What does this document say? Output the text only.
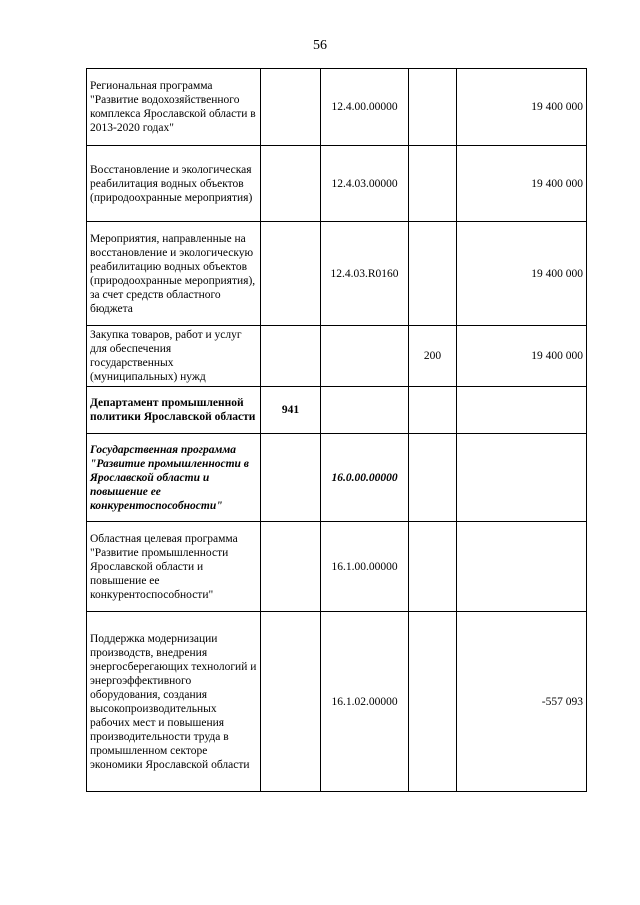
56
Региональная программа "Развитие водохозяйственного комплекса Ярославской области в 2013-2020 годах"		12.4.00.00000		19 400 000
Восстановление и экологическая реабилитация водных объектов (природоохранные мероприятия)		12.4.03.00000		19 400 000
Мероприятия, направленные на восстановление и экологическую реабилитацию водных объектов (природоохранные мероприятия), за счет средств областного бюджета		12.4.03.R0160		19 400 000
Закупка товаров, работ и услуг для обеспечения государственных (муниципальных) нужд			200	19 400 000
Департамент промышленной политики Ярославской области	941			
Государственная программа "Развитие промышленности в Ярославской области и повышение ее конкурентоспособности"		16.0.00.00000		
Областная целевая программа "Развитие промышленности Ярославской области и повышение ее конкурентоспособности"		16.1.00.00000		
Поддержка модернизации производств, внедрения энергосберегающих технологий и энергоэффективного оборудования, создания высокопроизводительных рабочих мест и повышения производительности труда в промышленном секторе экономики Ярославской области		16.1.02.00000		-557 093
